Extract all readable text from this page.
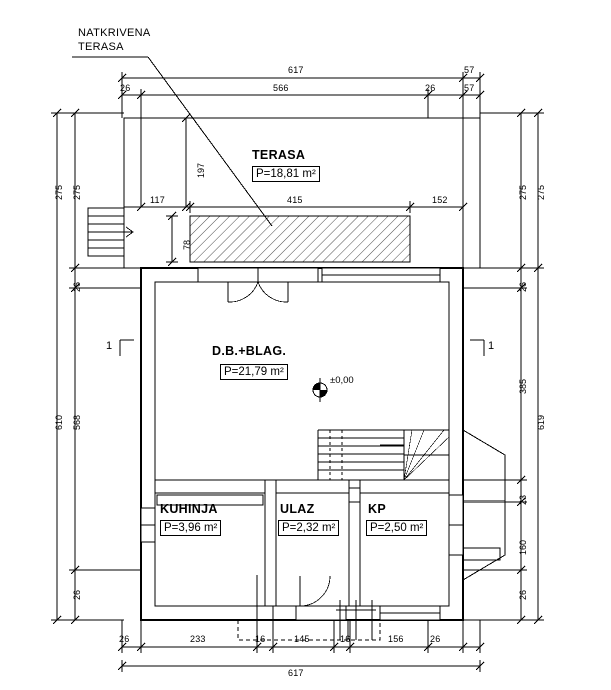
NATKRIVENA
TERASA
617	57
26	566	26	57
TERASA
P=18,81 m²
117	415	152
197
78
275 275
26
610 568
26
275 275
26
385
619
23
160
26
D.B.+BLAG.
P=21,79 m²
±0,00
1	1
KUHINJA
P=3,96 m²
ULAZ
P=2,32 m²
KP
P=2,50 m²
26	233	16	145	16	156	26
617
